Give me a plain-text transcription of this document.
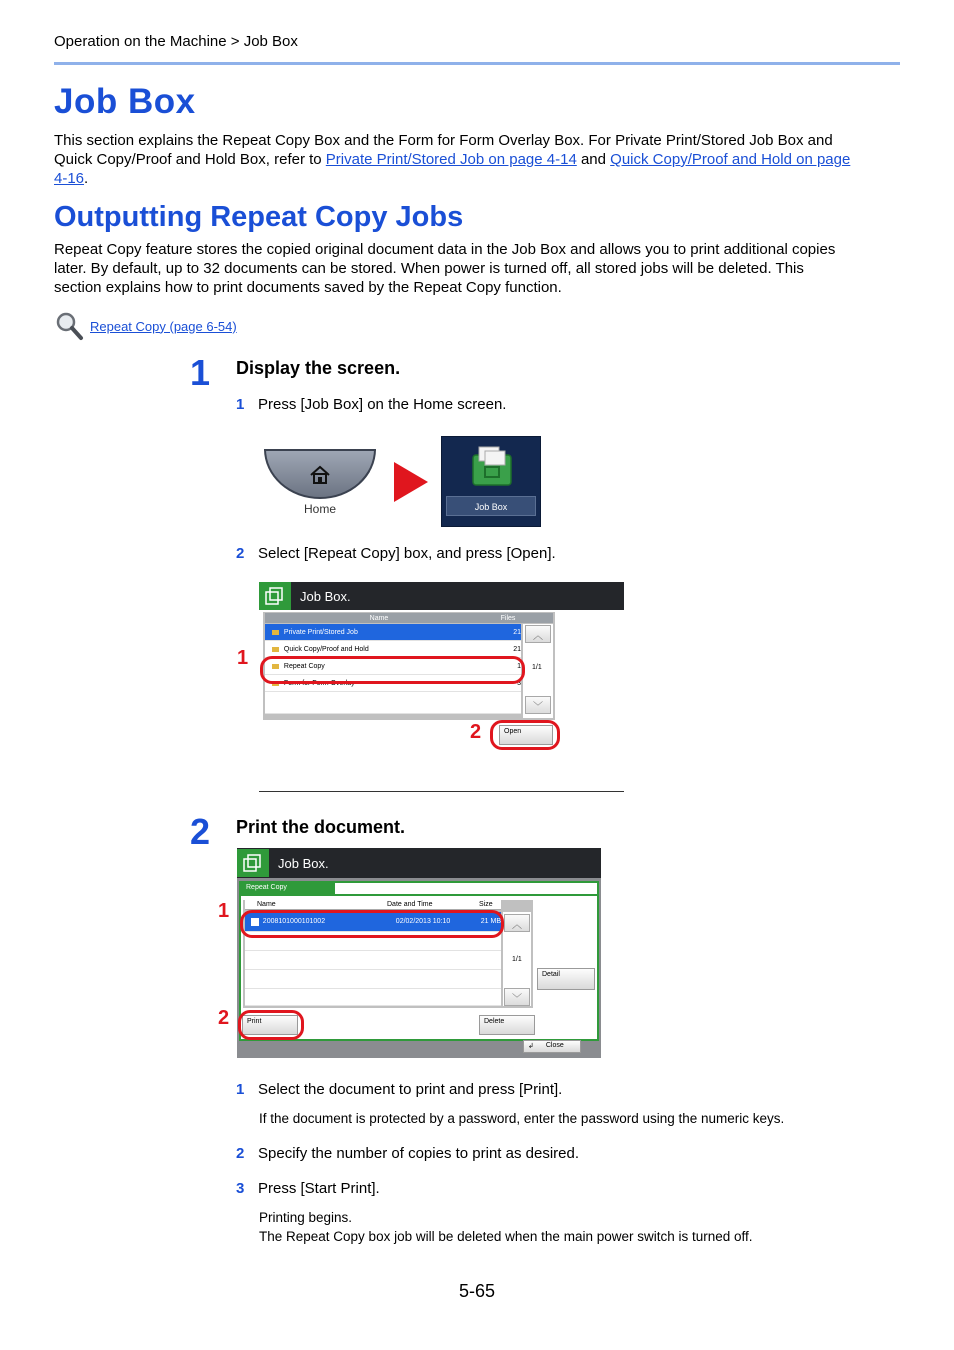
Operation on the Machine > Job Box
Job Box
This section explains the Repeat Copy Box and the Form for Form Overlay Box. For Private Print/Stored Job Box and
Quick Copy/Proof and Hold Box, refer to Private Print/Stored Job on page 4-14 and Quick Copy/Proof and Hold on page
4-16.
Outputting Repeat Copy Jobs
Repeat Copy feature stores the copied original document data in the Job Box and allows you to print additional copies
later. By default, up to 32 documents can be stored. When power is turned off, all stored jobs will be deleted. This
section explains how to print documents saved by the Repeat Copy function.
Repeat Copy (page 6-54)
1 Display the screen.
1 Press [Job Box] on the Home screen.
Home	Job Box
2 Select [Repeat Copy] box, and press [Open].
Job Box.
Name	Files
Private Print/Stored Job	21
Quick Copy/Proof and Hold	21
Repeat Copy	1
Form for Form Overlay	3
︿
﹀
1/1
Open
1
2
2 Print the document.
Job Box.
Repeat Copy
Name	Date and Time	Size
2008101000101002	02/02/2013 10:10	21 MB ︿
﹀
1/1
Detail
Print	Delete
↲ Close
1
2
1 Select the document to print and press [Print].
If the document is protected by a password, enter the password using the numeric keys.
2 Specify the number of copies to print as desired.
3 Press [Start Print].
Printing begins.
The Repeat Copy box job will be deleted when the main power switch is turned off.
5-65
